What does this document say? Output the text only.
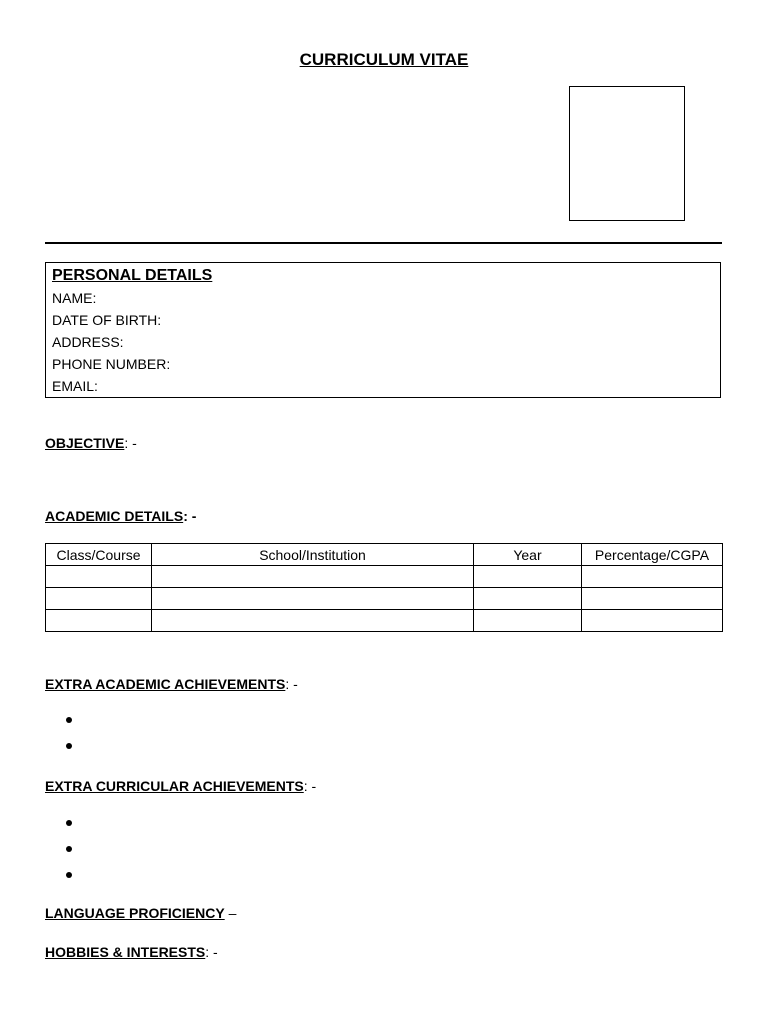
CURRICULUM VITAE

PERSONAL DETAILS

NAME:

DATE OF BIRTH:

ADDRESS:

PHONE NUMBER:

EMAIL:

OBJECTIVE: -

ACADEMIC DETAILS: -

Class/Course	School/Institution	Year	Percentage/CGPA

EXTRA ACADEMIC ACHIEVEMENTS: -

EXTRA CURRICULAR ACHIEVEMENTS: -

LANGUAGE PROFICIENCY –

HOBBIES & INTERESTS: -
